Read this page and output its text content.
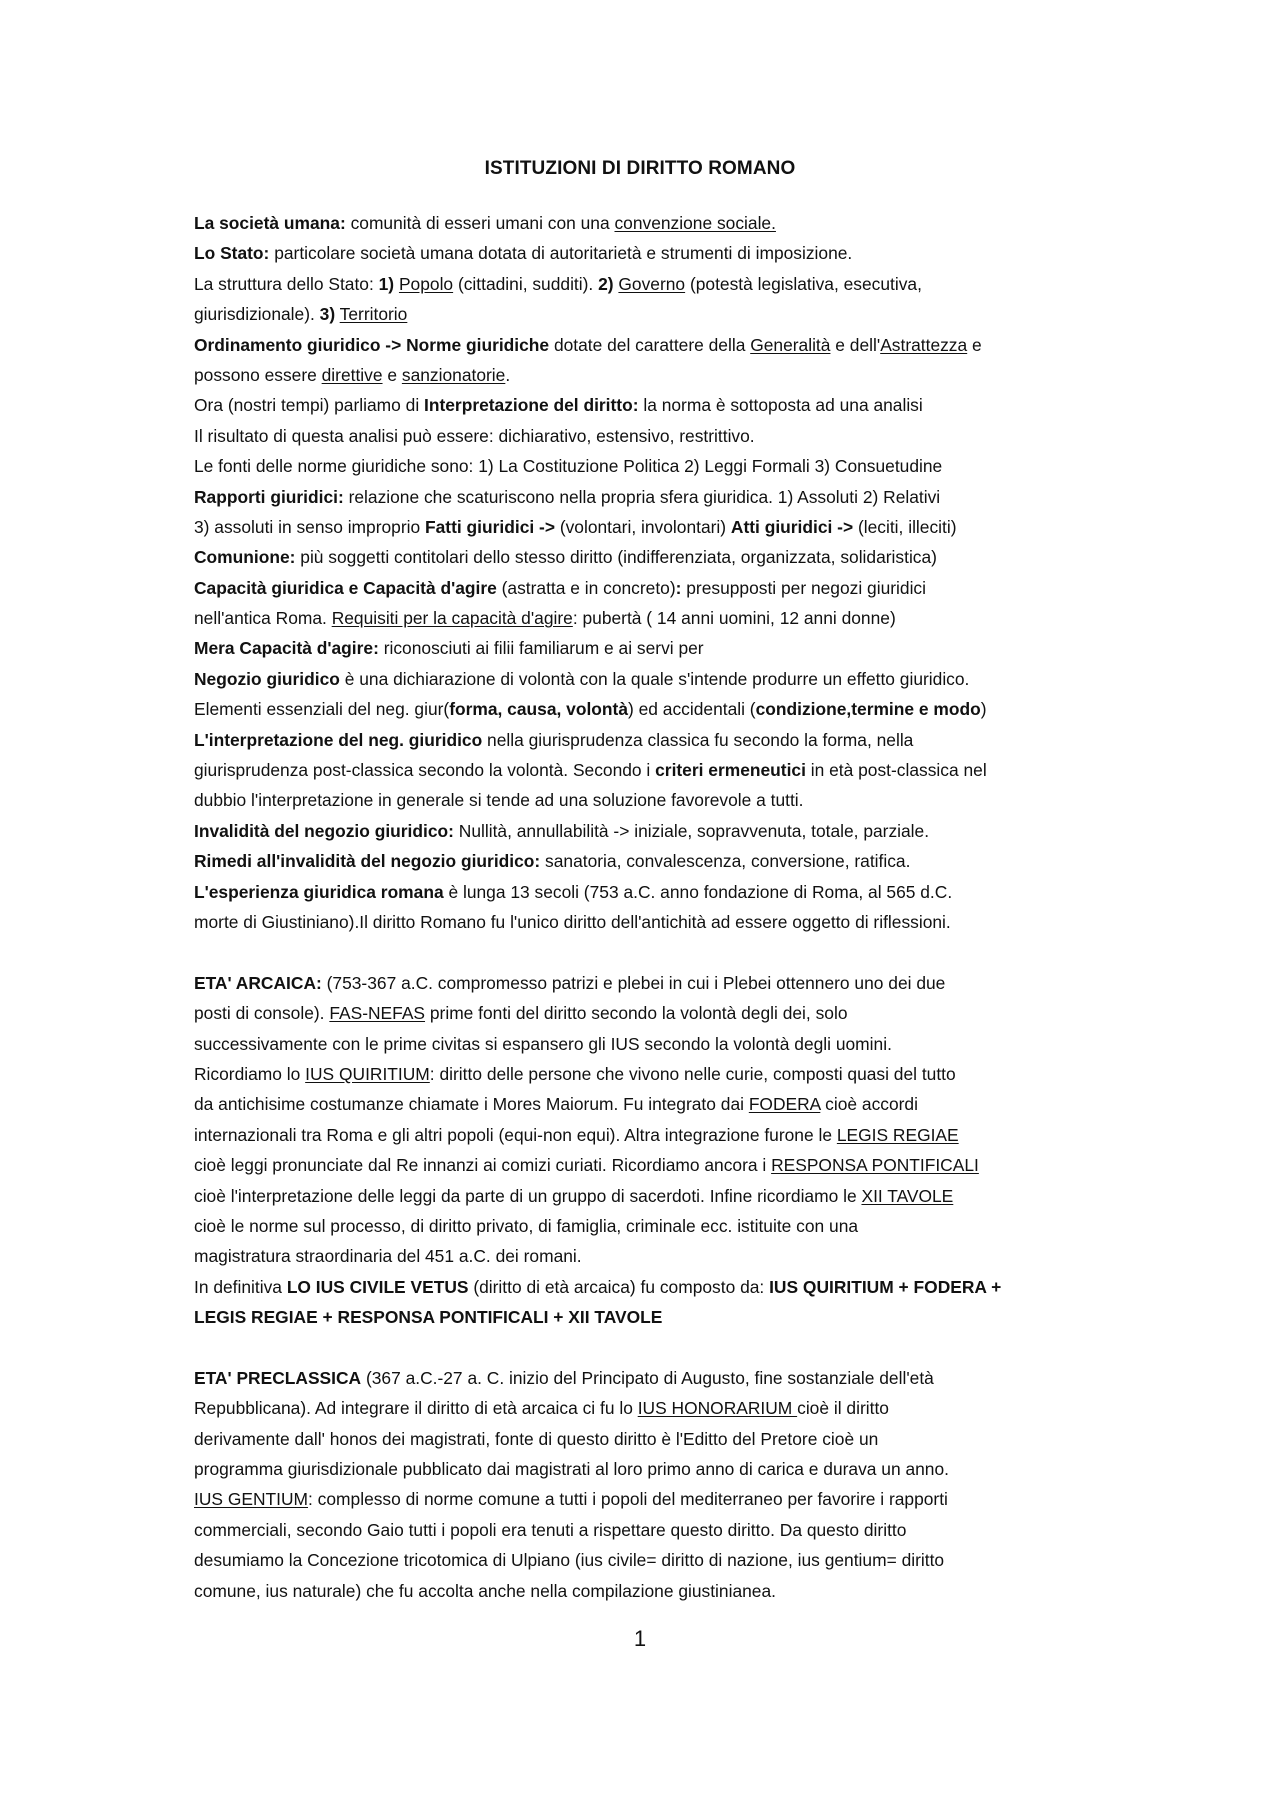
ISTITUZIONI DI DIRITTO ROMANO
La società umana: comunità di esseri umani con una convenzione sociale.
Lo Stato: particolare società umana dotata di autoritarietà e strumenti di imposizione.
La struttura dello Stato: 1) Popolo (cittadini, sudditi). 2) Governo (potestà legislativa, esecutiva,
giurisdizionale). 3) Territorio
Ordinamento giuridico -> Norme giuridiche dotate del carattere della Generalità e dell'Astrattezza e
possono essere direttive e sanzionatorie.
Ora (nostri tempi) parliamo di Interpretazione del diritto: la norma è sottoposta ad una analisi
Il risultato di questa analisi può essere: dichiarativo, estensivo, restrittivo.
Le fonti delle norme giuridiche sono: 1) La Costituzione Politica 2) Leggi Formali 3) Consuetudine
Rapporti giuridici: relazione che scaturiscono nella propria sfera giuridica. 1) Assoluti 2) Relativi
3) assoluti in senso improprio Fatti giuridici -> (volontari, involontari) Atti giuridici -> (leciti, illeciti)
Comunione: più soggetti contitolari dello stesso diritto (indifferenziata, organizzata, solidaristica)
Capacità giuridica e Capacità d'agire (astratta e in concreto): presupposti per negozi giuridici
nell'antica Roma. Requisiti per la capacità d'agire: pubertà ( 14 anni uomini, 12 anni donne)
Mera Capacità d'agire: riconosciuti ai filii familiarum e ai servi per
Negozio giuridico è una dichiarazione di volontà con la quale s'intende produrre un effetto giuridico.
Elementi essenziali del neg. giur(forma, causa, volontà) ed accidentali (condizione,termine e modo)
L'interpretazione del neg. giuridico nella giurisprudenza classica fu secondo la forma, nella
giurisprudenza post-classica secondo la volontà. Secondo i criteri ermeneutici in età post-classica nel
dubbio l'interpretazione in generale si tende ad una soluzione favorevole a tutti.
Invalidità del negozio giuridico: Nullità, annullabilità -> iniziale, sopravvenuta, totale, parziale.
Rimedi all'invalidità del negozio giuridico: sanatoria, convalescenza, conversione, ratifica.
L'esperienza giuridica romana è lunga 13 secoli (753 a.C. anno fondazione di Roma, al 565 d.C.
morte di Giustiniano).Il diritto Romano fu l'unico diritto dell'antichità ad essere oggetto di riflessioni.
ETA' ARCAICA: (753-367 a.C. compromesso patrizi e plebei in cui i Plebei ottennero uno dei due
posti di console). FAS-NEFAS prime fonti del diritto secondo la volontà degli dei, solo
successivamente con le prime civitas si espansero gli IUS secondo la volontà degli uomini.
Ricordiamo lo IUS QUIRITIUM: diritto delle persone che vivono nelle curie, composti quasi del tutto
da antichisime costumanze chiamate i Mores Maiorum. Fu integrato dai FODERA cioè accordi
internazionali tra Roma e gli altri popoli (equi-non equi). Altra integrazione furone le LEGIS REGIAE
cioè leggi pronunciate dal Re innanzi ai comizi curiati. Ricordiamo ancora i RESPONSA PONTIFICALI
cioè l'interpretazione delle leggi da parte di un gruppo di sacerdoti. Infine ricordiamo le XII TAVOLE
cioè le norme sul processo, di diritto privato, di famiglia, criminale ecc. istituite con una
magistratura straordinaria del 451 a.C. dei romani.
In definitiva LO IUS CIVILE VETUS (diritto di età arcaica) fu composto da: IUS QUIRITIUM + FODERA +
LEGIS REGIAE + RESPONSA PONTIFICALI + XII TAVOLE
ETA' PRECLASSICA (367 a.C.-27 a. C. inizio del Principato di Augusto, fine sostanziale dell'età
Repubblicana). Ad integrare il diritto di età arcaica ci fu lo IUS HONORARIUM cioè il diritto
derivamente dall' honos dei magistrati, fonte di questo diritto è l'Editto del Pretore cioè un
programma giurisdizionale pubblicato dai magistrati al loro primo anno di carica e durava un anno.
IUS GENTIUM: complesso di norme comune a tutti i popoli del mediterraneo per favorire i rapporti
commerciali, secondo Gaio tutti i popoli era tenuti a rispettare questo diritto. Da questo diritto
desumiamo la Concezione tricotomica di Ulpiano (ius civile= diritto di nazione, ius gentium= diritto
comune, ius naturale) che fu accolta anche nella compilazione giustinianea.
1
